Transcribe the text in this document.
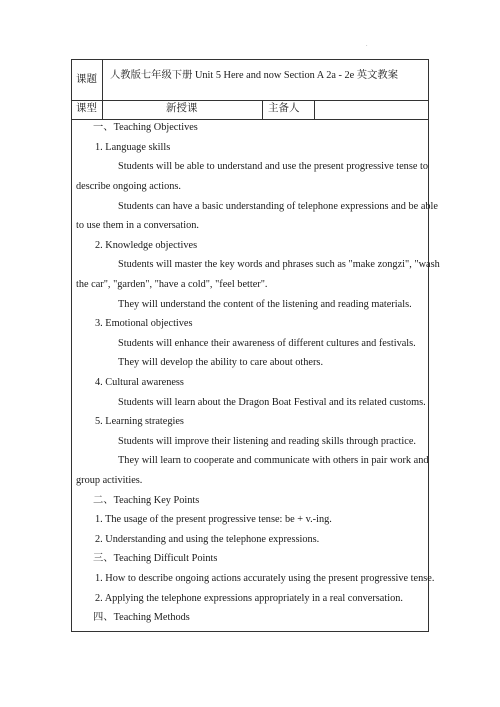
.
课题 人教版七年级下册 Unit 5 Here and now Section A 2a - 2e 英文教案
课型	新授课	主备人
一、Teaching Objectives
1. Language skills
Students will be able to understand and use the present progressive tense to
describe ongoing actions.
Students can have a basic understanding of telephone expressions and be able
to use them in a conversation.
2. Knowledge objectives
Students will master the key words and phrases such as "make zongzi", "wash
the car", "garden", "have a cold", "feel better".
They will understand the content of the listening and reading materials.
3. Emotional objectives
Students will enhance their awareness of different cultures and festivals.
They will develop the ability to care about others.
4. Cultural awareness
Students will learn about the Dragon Boat Festival and its related customs.
5. Learning strategies
Students will improve their listening and reading skills through practice.
They will learn to cooperate and communicate with others in pair work and
group activities.
二、Teaching Key Points
1. The usage of the present progressive tense: be + v.-ing.
2. Understanding and using the telephone expressions.
三、Teaching Difficult Points
1. How to describe ongoing actions accurately using the present progressive tense.
2. Applying the telephone expressions appropriately in a real conversation.
四、Teaching Methods
